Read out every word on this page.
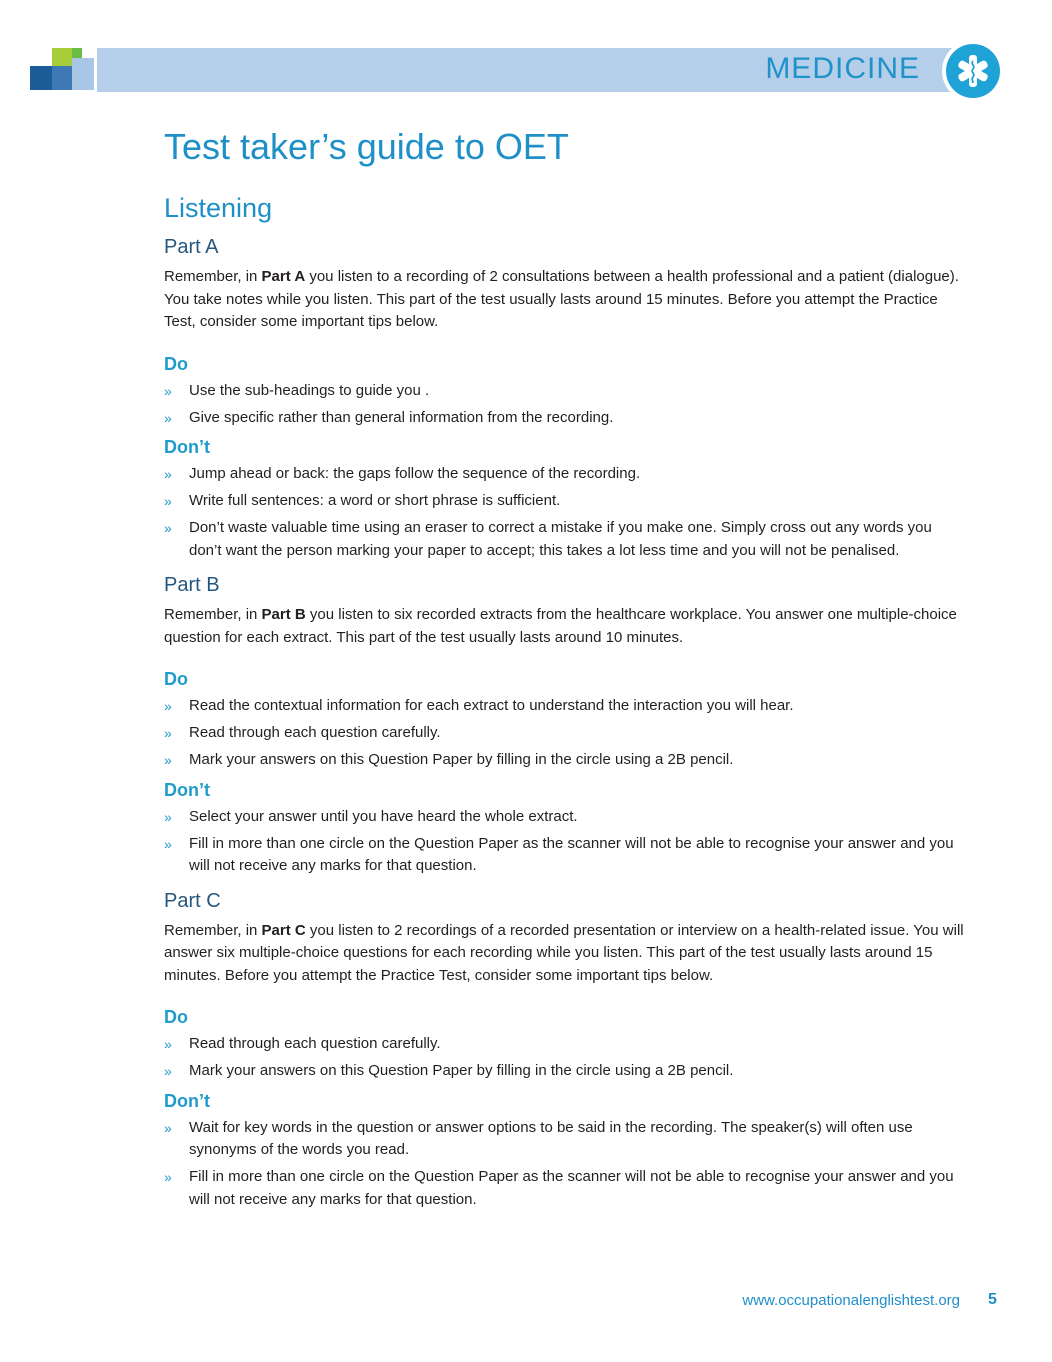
MEDICINE
Test taker’s guide to OET
Listening
Part A

Remember, in Part A you listen to a recording of 2 consultations between a health professional and a patient (dialogue). You take notes while you listen. This part of the test usually lasts around 15 minutes. Before you attempt the Practice Test, consider some important tips below.

Do
» Use the sub-headings to guide you .
» Give specific rather than general information from the recording.
Don’t
» Jump ahead or back: the gaps follow the sequence of the recording.
» Write full sentences: a word or short phrase is sufficient.
» Don’t waste valuable time using an eraser to correct a mistake if you make one. Simply cross out any words you don’t want the person marking your paper to accept; this takes a lot less time and you will not be penalised.
Part B

Remember, in Part B you listen to six recorded extracts from the healthcare workplace. You answer one multiple-choice question for each extract. This part of the test usually lasts around 10 minutes.

Do
» Read the contextual information for each extract to understand the interaction you will hear.
» Read through each question carefully.
» Mark your answers on this Question Paper by filling in the circle using a 2B pencil.
Don’t
» Select your answer until you have heard the whole extract.
» Fill in more than one circle on the Question Paper as the scanner will not be able to recognise your answer and you will not receive any marks for that question.
Part C

Remember, in Part C you listen to 2 recordings of a recorded presentation or interview on a health-related issue. You will answer six multiple-choice questions for each recording while you listen. This part of the test usually lasts around 15 minutes. Before you attempt the Practice Test, consider some important tips below.

Do
» Read through each question carefully.
» Mark your answers on this Question Paper by filling in the circle using a 2B pencil.
Don’t
» Wait for key words in the question or answer options to be said in the recording. The speaker(s) will often use synonyms of the words you read.
» Fill in more than one circle on the Question Paper as the scanner will not be able to recognise your answer and you will not receive any marks for that question.
www.occupationalenglishtest.org 5
